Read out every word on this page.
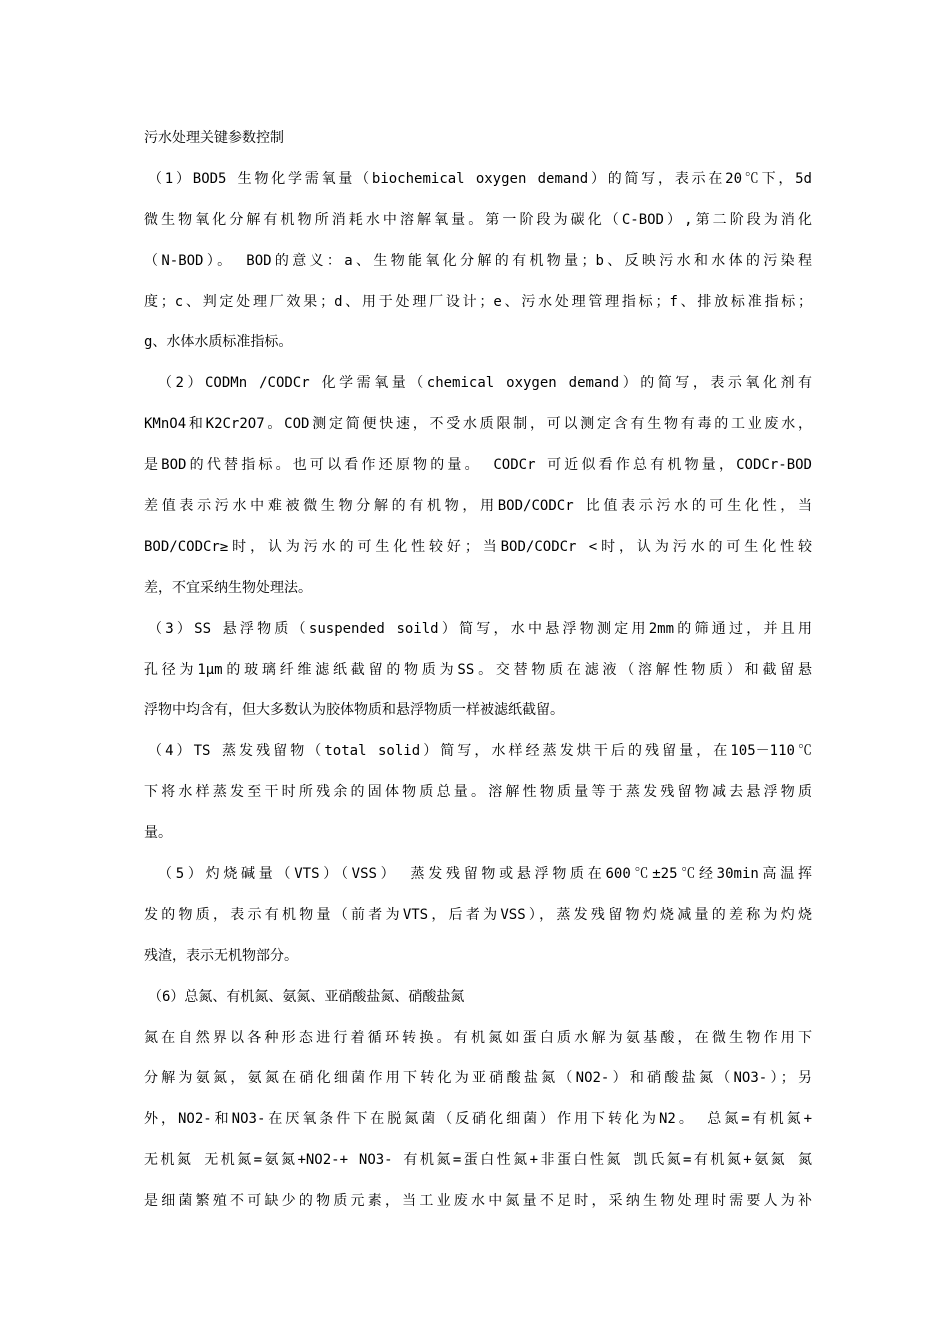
污水处理关键参数控制
（1）BOD5 生物化学需氧量（biochemical oxygen demand）的简写，表示在20℃下，5d
微生物氧化分解有机物所消耗水中溶解氧量。第一阶段为碳化（C-BOD）,第二阶段为消化
（N-BOD）。 BOD的意义：a、生物能氧化分解的有机物量；b、反映污水和水体的污染程
度；c、判定处理厂效果；d、用于处理厂设计；e、污水处理管理指标；f、排放标准指标；
g、水体水质标准指标。
（2）CODMn /CODCr 化学需氧量（chemical oxygen demand）的简写，表示氧化剂有
KMnO4和K2Cr2O7。COD测定简便快速，不受水质限制，可以测定含有生物有毒的工业废水，
是BOD的代替指标。也可以看作还原物的量。 CODCr 可近似看作总有机物量，CODCr-BOD
差值表示污水中难被微生物分解的有机物，用BOD/CODCr 比值表示污水的可生化性，当
BOD/CODCr≥时，认为污水的可生化性较好；当BOD/CODCr <时，认为污水的可生化性较
差，不宜采纳生物处理法。
（3）SS 悬浮物质（suspended soild）简写，水中悬浮物测定用2mm的筛通过，并且用
孔径为1μm的玻璃纤维滤纸截留的物质为SS。交替物质在滤液（溶解性物质）和截留悬
浮物中均含有，但大多数认为胶体物质和悬浮物质一样被滤纸截留。
（4）TS 蒸发残留物（total solid）简写，水样经蒸发烘干后的残留量，在105－110℃
下将水样蒸发至干时所残余的固体物质总量。溶解性物质量等于蒸发残留物减去悬浮物质
量。
（5）灼烧碱量（VTS）（VSS） 蒸发残留物或悬浮物质在600℃±25℃经30min高温挥
发的物质，表示有机物量（前者为VTS，后者为VSS），蒸发残留物灼烧减量的差称为灼烧
残渣，表示无机物部分。
（6）总氮、有机氮、氨氮、亚硝酸盐氮、硝酸盐氮
氮在自然界以各种形态进行着循环转换。有机氮如蛋白质水解为氨基酸，在微生物作用下
分解为氨氮，氨氮在硝化细菌作用下转化为亚硝酸盐氮（NO2-）和硝酸盐氮（NO3-）；另
外，NO2-和NO3-在厌氧条件下在脱氮菌（反硝化细菌）作用下转化为N2。 总氮=有机氮+
无机氮 无机氮=氨氮+NO2-+ NO3- 有机氮=蛋白性氮+非蛋白性氮 凯氏氮=有机氮+氨氮 氮
是细菌繁殖不可缺少的物质元素，当工业废水中氮量不足时，采纳生物处理时需要人为补
